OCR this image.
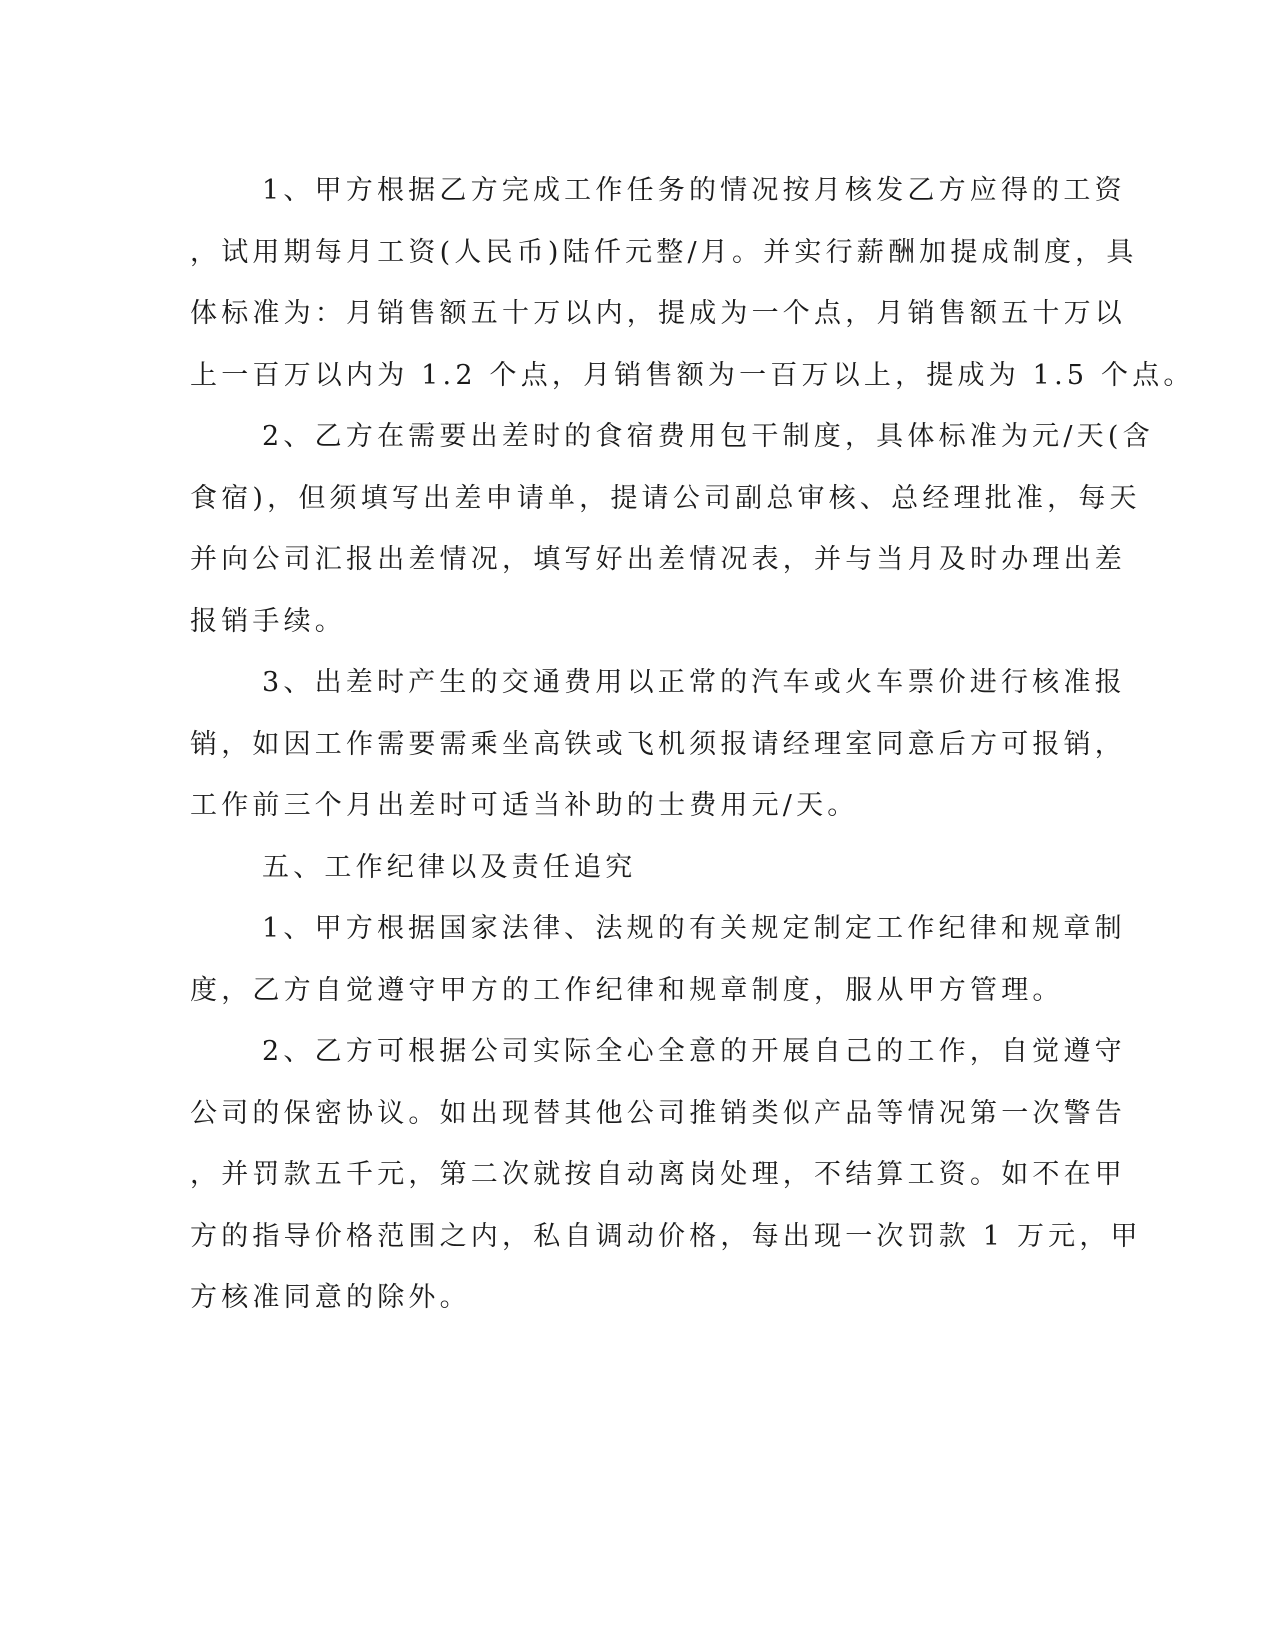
1、甲方根据乙方完成工作任务的情况按月核发乙方应得的工资
，试用期每月工资(人民币)陆仟元整/月。并实行薪酬加提成制度，具
体标准为：月销售额五十万以内，提成为一个点，月销售额五十万以
上一百万以内为 1.2 个点，月销售额为一百万以上，提成为 1.5 个点。
2、乙方在需要出差时的食宿费用包干制度，具体标准为元/天(含
食宿)，但须填写出差申请单，提请公司副总审核、总经理批准，每天
并向公司汇报出差情况，填写好出差情况表，并与当月及时办理出差
报销手续。
3、出差时产生的交通费用以正常的汽车或火车票价进行核准报
销，如因工作需要需乘坐高铁或飞机须报请经理室同意后方可报销，
工作前三个月出差时可适当补助的士费用元/天。
五、工作纪律以及责任追究
1、甲方根据国家法律、法规的有关规定制定工作纪律和规章制
度，乙方自觉遵守甲方的工作纪律和规章制度，服从甲方管理。
2、乙方可根据公司实际全心全意的开展自己的工作，自觉遵守
公司的保密协议。如出现替其他公司推销类似产品等情况第一次警告
，并罚款五千元，第二次就按自动离岗处理，不结算工资。如不在甲
方的指导价格范围之内，私自调动价格，每出现一次罚款 1 万元，甲
方核准同意的除外。
